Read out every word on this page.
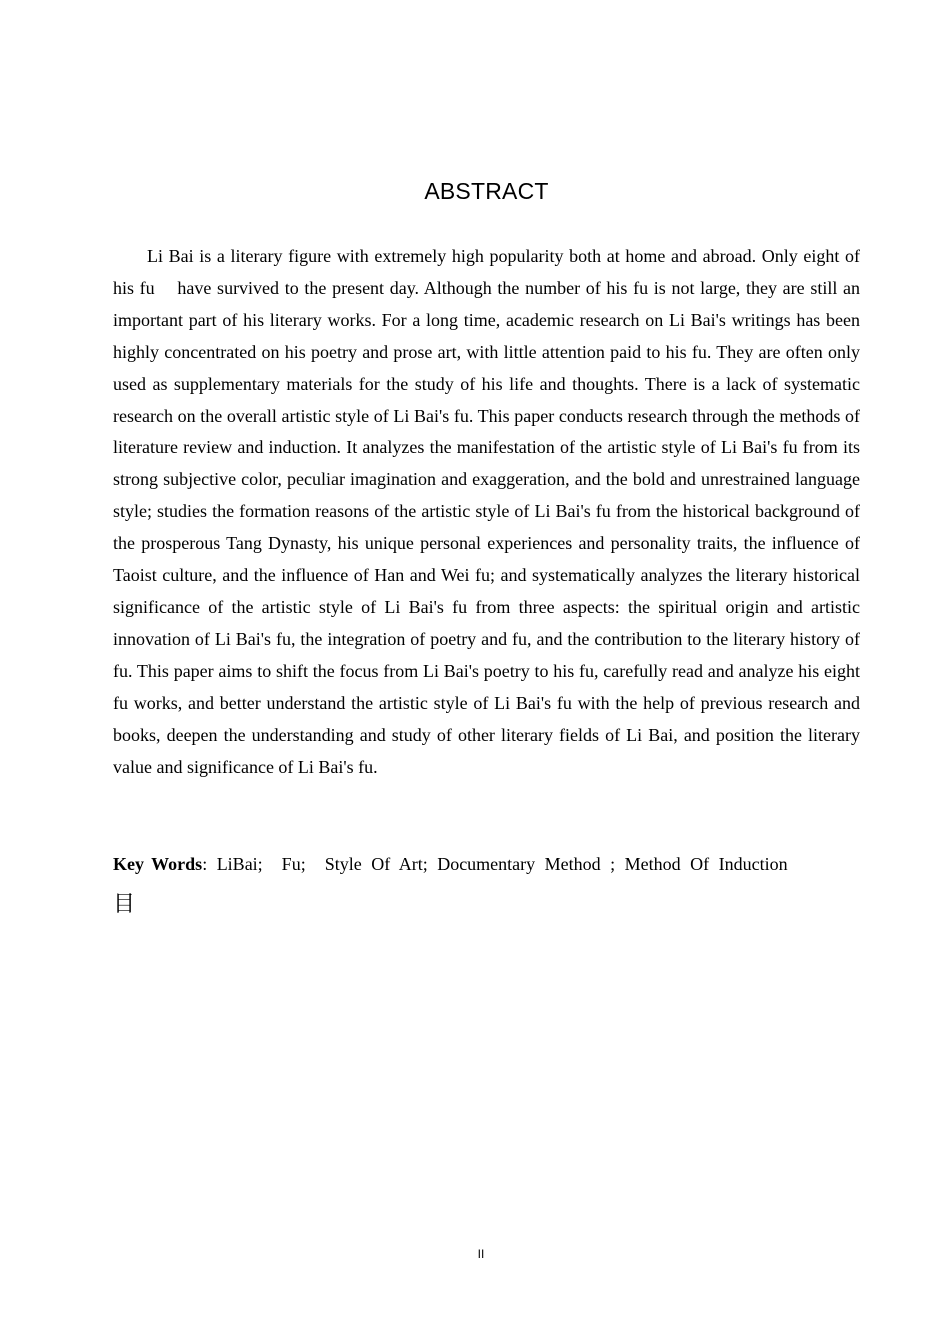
ABSTRACT

Li Bai is a literary figure with extremely high popularity both at home and abroad. Only eight of his fu    have survived to the present day. Although the number of his fu is not large, they are still an important part of his literary works. For a long time, academic research on Li Bai's writings has been highly concentrated on his poetry and prose art, with little attention paid to his fu. They are often only used as supplementary materials for the study of his life and thoughts. There is a lack of systematic research on the overall artistic style of Li Bai's fu. This paper conducts research through the methods of literature review and induction. It analyzes the manifestation of the artistic style of Li Bai's fu from its strong subjective color, peculiar imagination and exaggeration, and the bold and unrestrained language style; studies the formation reasons of the artistic style of Li Bai's fu from the historical background of the prosperous Tang Dynasty, his unique personal experiences and personality traits, the influence of Taoist culture, and the influence of Han and Wei fu; and systematically analyzes the literary historical significance of the artistic style of Li Bai's fu from three aspects: the spiritual origin and artistic innovation of Li Bai's fu, the integration of poetry and fu, and the contribution to the literary history of fu. This paper aims to shift the focus from Li Bai's poetry to his fu, carefully read and analyze his eight fu works, and better understand the artistic style of Li Bai's fu with the help of previous research and books, deepen the understanding and study of other literary fields of Li Bai, and position the literary value and significance of Li Bai's fu.

Key Words: LiBai;  Fu;  Style Of Art; Documentary Method ; Method Of Induction

目

II
